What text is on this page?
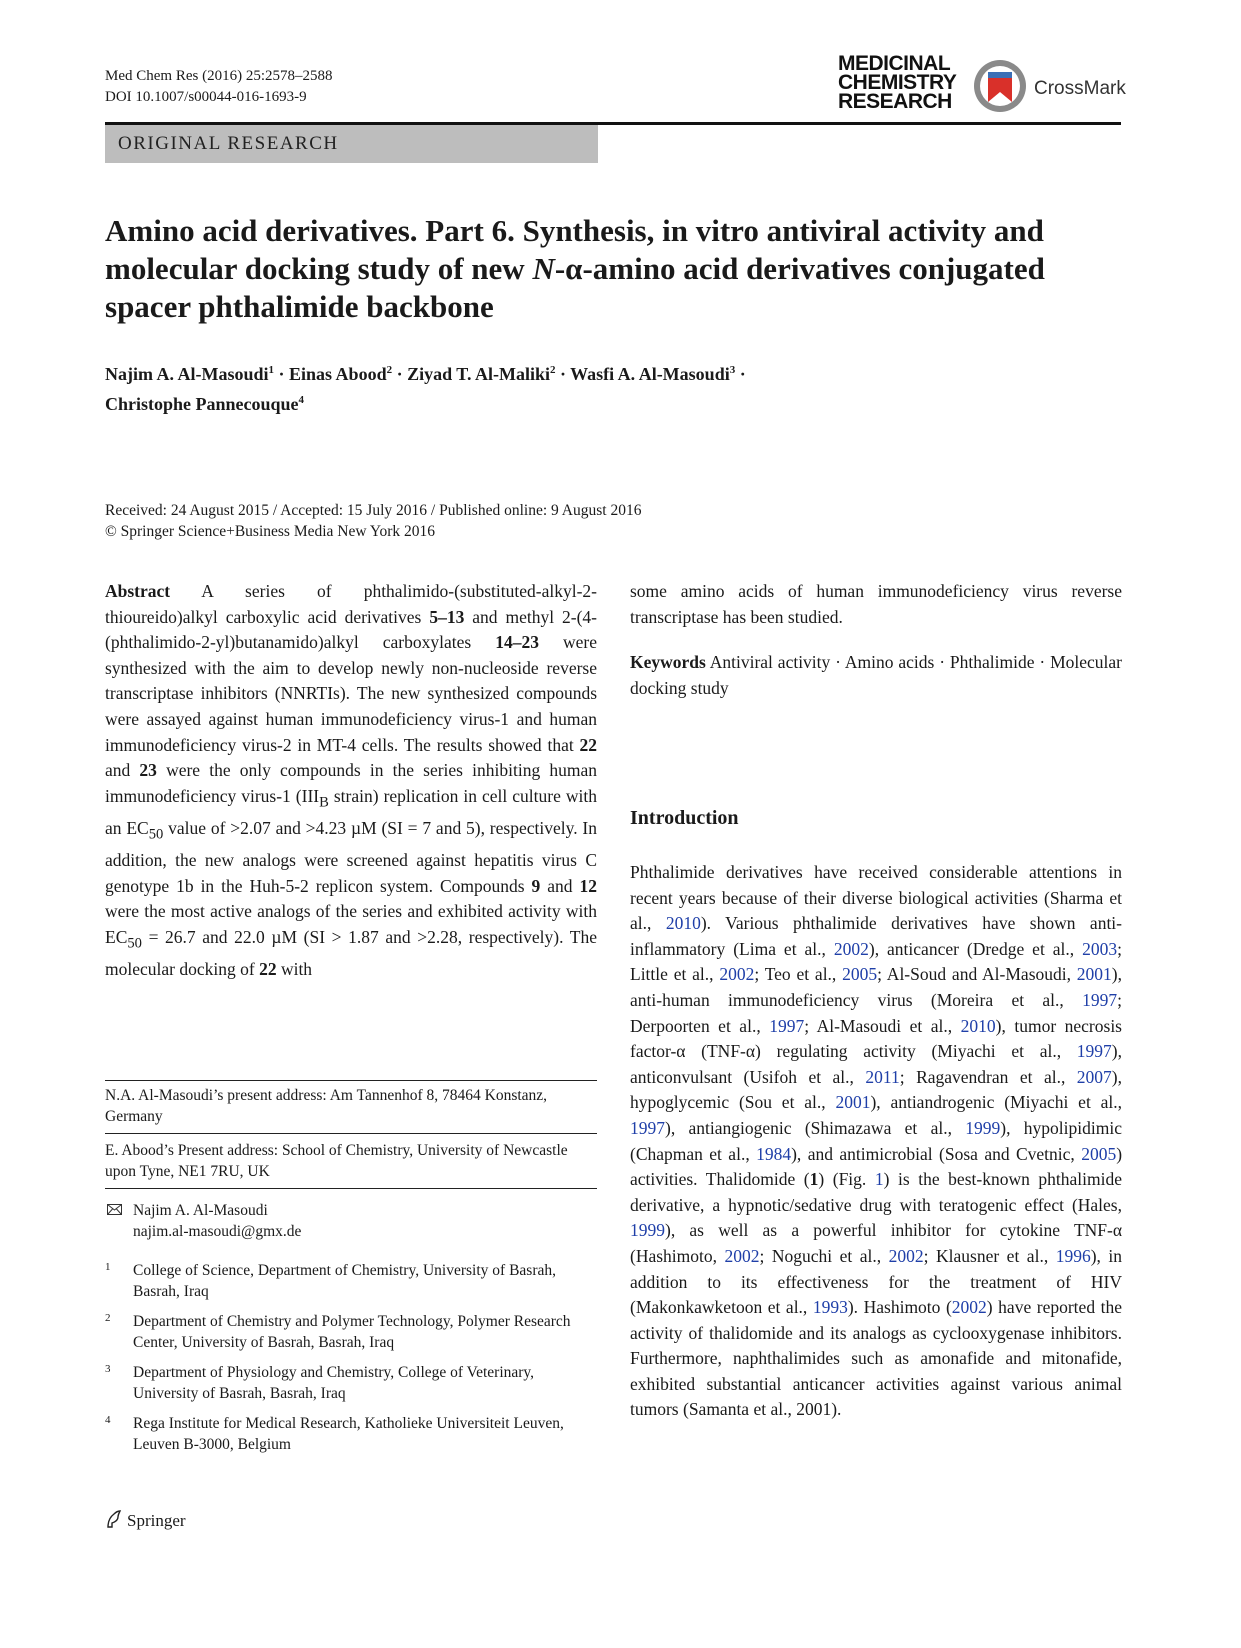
Med Chem Res (2016) 25:2578–2588
DOI 10.1007/s00044-016-1693-9
MEDICINAL
CHEMISTRY
RESEARCH
CrossMark
ORIGINAL RESEARCH
Amino acid derivatives. Part 6. Synthesis, in vitro antiviral activity and molecular docking study of new N-α-amino acid derivatives conjugated spacer phthalimide backbone
Najim A. Al-Masoudi$^1$ · Einas Abood$^2$ · Ziyad T. Al-Maliki$^2$ · Wasfi A. Al-Masoudi$^3$ ·
Christophe Pannecouque$^4$
Received: 24 August 2015 / Accepted: 15 July 2016 / Published online: 9 August 2016
© Springer Science+Business Media New York 2016

Abstract A series of phthalimido-(substituted-alkyl-2-thioureido)alkyl carboxylic acid derivatives 5–13 and methyl 2-(4-(phthalimido-2-yl)butanamido)alkyl carboxylates 14–23 were synthesized with the aim to develop newly non-nucleoside reverse transcriptase inhibitors (NNRTIs). The new synthesized compounds were assayed against human immunodeficiency virus-1 and human immunodeficiency virus-2 in MT-4 cells. The results showed that 22 and 23 were the only compounds in the series inhibiting human immunodeficiency virus-1 ($III_B$ strain) replication in cell culture with an $EC_{50}$ value of >2.07 and >4.23 µM (SI = 7 and 5), respectively. In addition, the new analogs were screened against hepatitis virus C genotype 1b in the Huh-5-2 replicon system. Compounds 9 and 12 were the most active analogs of the series and exhibited activity with $EC_{50} = 26.7$ and 22.0 µM (SI > 1.87 and >2.28, respectively). The molecular docking of 22 with

some amino acids of human immunodeficiency virus reverse transcriptase has been studied.

Keywords Antiviral activity · Amino acids · Phthalimide · Molecular docking study

Introduction
Phthalimide derivatives have received considerable attentions in recent years because of their diverse biological activities (Sharma et al., 2010). Various phthalimide derivatives have shown anti-inflammatory (Lima et al., 2002), anticancer (Dredge et al., 2003; Little et al., 2002; Teo et al., 2005; Al-Soud and Al-Masoudi, 2001), anti-human immunodeficiency virus (Moreira et al., 1997; Derpoorten et al., 1997; Al-Masoudi et al., 2010), tumor necrosis factor-α (TNF-α) regulating activity (Miyachi et al., 1997), anticonvulsant (Usifoh et al., 2011; Ragavendran et al., 2007), hypoglycemic (Sou et al., 2001), antiandrogenic (Miyachi et al., 1997), antiangiogenic (Shimazawa et al., 1999), hypolipidimic (Chapman et al., 1984), and antimicrobial (Sosa and Cvetnic, 2005) activities. Thalidomide (1) (Fig. 1) is the best-known phthalimide derivative, a hypnotic/sedative drug with teratogenic effect (Hales, 1999), as well as a powerful inhibitor for cytokine TNF-α (Hashimoto, 2002; Noguchi et al., 2002; Klausner et al., 1996), in addition to its effectiveness for the treatment of HIV (Makonkawketoon et al., 1993). Hashimoto (2002) have reported the activity of thalidomide and its analogs as cyclooxygenase inhibitors. Furthermore, naphthalimides such as amonafide and mitonafide, exhibited substantial anticancer activities against various animal tumors (Samanta et al., 2001).
N.A. Al-Masoudi’s present address: Am Tannenhof 8, 78464 Konstanz, Germany
E. Abood’s Present address: School of Chemistry, University of Newcastle upon Tyne, NE1 7RU, UK
Najim A. Al-Masoudi
najim.al-masoudi@gmx.de
1 College of Science, Department of Chemistry, University of Basrah, Basrah, Iraq
2 Department of Chemistry and Polymer Technology, Polymer Research Center, University of Basrah, Basrah, Iraq
3 Department of Physiology and Chemistry, College of Veterinary, University of Basrah, Basrah, Iraq
4 Rega Institute for Medical Research, Katholieke Universiteit Leuven, Leuven B-3000, Belgium
Springer
